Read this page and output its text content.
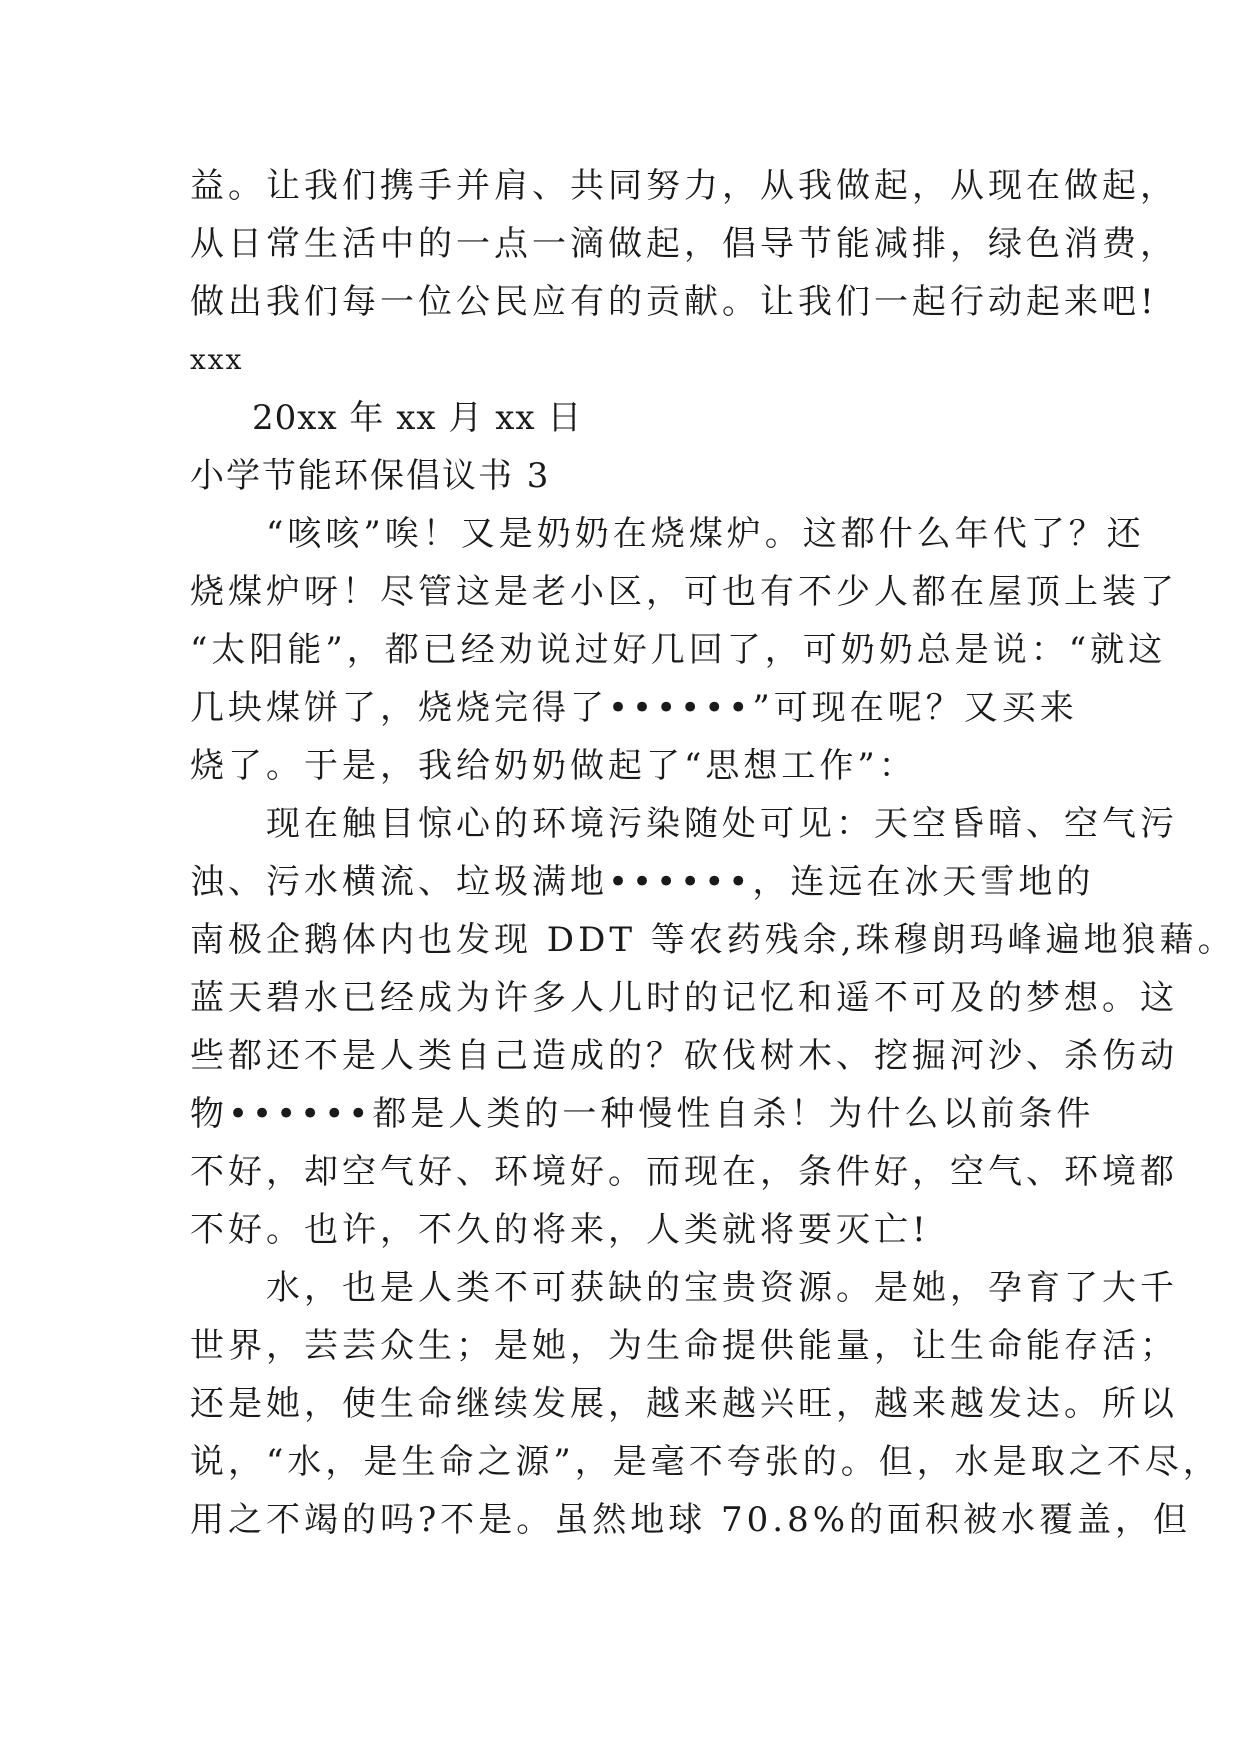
益。让我们携手并肩、共同努力，从我做起，从现在做起，
从日常生活中的一点一滴做起，倡导节能减排，绿色消费，
做出我们每一位公民应有的贡献。让我们一起行动起来吧!
xxx
20xx 年 xx 月 xx 日
小学节能环保倡议书 3
　　“咳咳”唉！又是奶奶在烧煤炉。这都什么年代了？还
烧煤炉呀！尽管这是老小区，可也有不少人都在屋顶上装了
“太阳能”，都已经劝说过好几回了，可奶奶总是说：“就这
几块煤饼了，烧烧完得了••••••”可现在呢？又买来
烧了。于是，我给奶奶做起了“思想工作”：
　　现在触目惊心的环境污染随处可见：天空昏暗、空气污
浊、污水横流、垃圾满地••••••，连远在冰天雪地的
南极企鹅体内也发现 DDT 等农药残余,珠穆朗玛峰遍地狼藉。
蓝天碧水已经成为许多人儿时的记忆和遥不可及的梦想。这
些都还不是人类自己造成的？砍伐树木、挖掘河沙、杀伤动
物••••••都是人类的一种慢性自杀！为什么以前条件
不好，却空气好、环境好。而现在，条件好，空气、环境都
不好。也许，不久的将来，人类就将要灭亡!
　　水，也是人类不可获缺的宝贵资源。是她，孕育了大千
世界，芸芸众生；是她，为生命提供能量，让生命能存活；
还是她，使生命继续发展，越来越兴旺，越来越发达。所以
说，“水，是生命之源”，是毫不夸张的。但，水是取之不尽，
用之不竭的吗?不是。虽然地球 70.8%的面积被水覆盖，但
